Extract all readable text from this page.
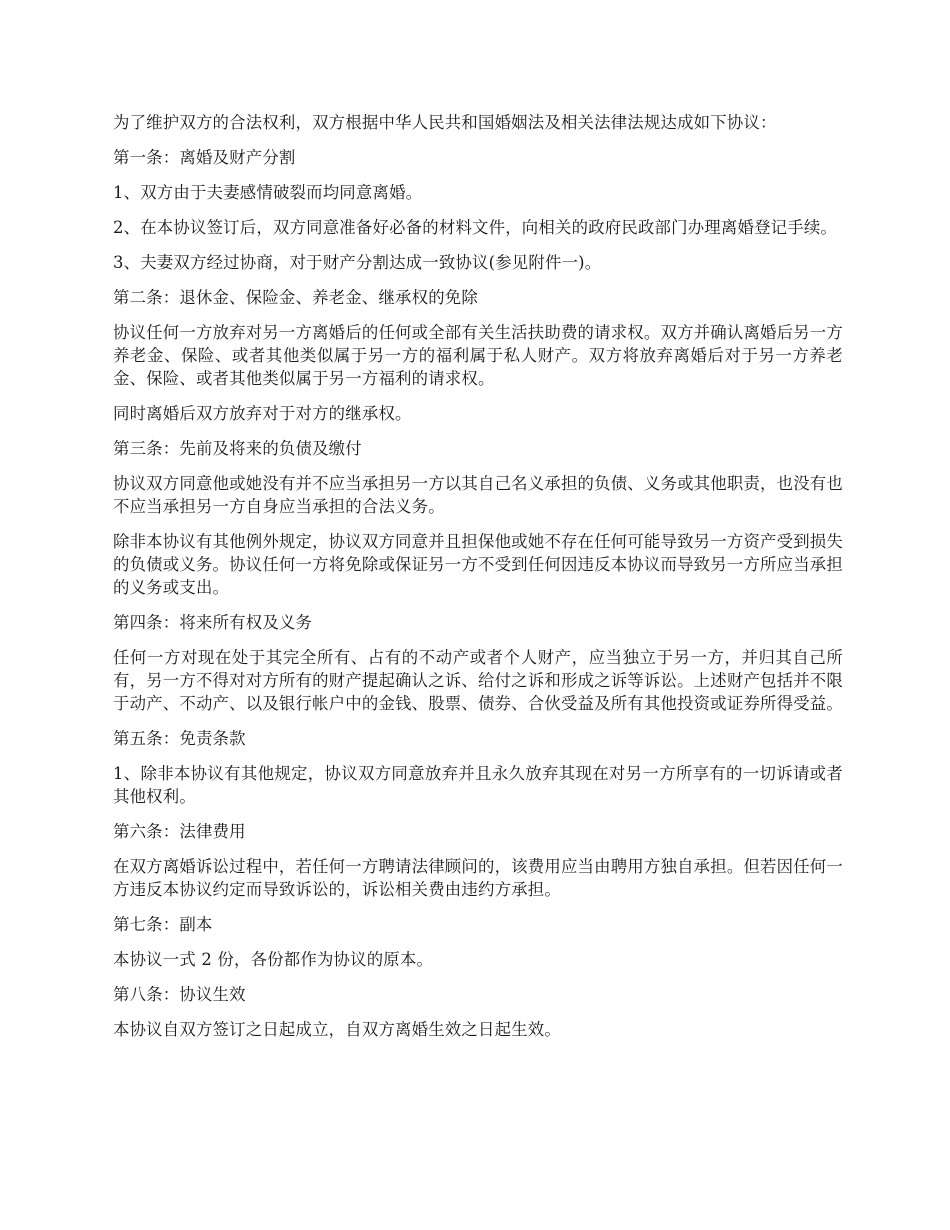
为了维护双方的合法权利，双方根据中华人民共和国婚姻法及相关法律法规达成如下协议：

第一条：离婚及财产分割

1、双方由于夫妻感情破裂而均同意离婚。

2、在本协议签订后，双方同意准备好必备的材料文件，向相关的政府民政部门办理离婚登记手续。

3、夫妻双方经过协商，对于财产分割达成一致协议(参见附件一)。

第二条：退休金、保险金、养老金、继承权的免除

协议任何一方放弃对另一方离婚后的任何或全部有关生活扶助费的请求权。双方并确认离婚后另一方养老金、保险、或者其他类似属于另一方的福利属于私人财产。双方将放弃离婚后对于另一方养老金、保险、或者其他类似属于另一方福利的请求权。

同时离婚后双方放弃对于对方的继承权。

第三条：先前及将来的负债及缴付

协议双方同意他或她没有并不应当承担另一方以其自己名义承担的负债、义务或其他职责，也没有也不应当承担另一方自身应当承担的合法义务。

除非本协议有其他例外规定，协议双方同意并且担保他或她不存在任何可能导致另一方资产受到损失的负债或义务。协议任何一方将免除或保证另一方不受到任何因违反本协议而导致另一方所应当承担的义务或支出。

第四条：将来所有权及义务

任何一方对现在处于其完全所有、占有的不动产或者个人财产，应当独立于另一方，并归其自己所有，另一方不得对对方所有的财产提起确认之诉、给付之诉和形成之诉等诉讼。上述财产包括并不限于动产、不动产、以及银行帐户中的金钱、股票、债券、合伙受益及所有其他投资或证券所得受益。

第五条：免责条款

1、除非本协议有其他规定，协议双方同意放弃并且永久放弃其现在对另一方所享有的一切诉请或者其他权利。

第六条：法律费用

在双方离婚诉讼过程中，若任何一方聘请法律顾问的，该费用应当由聘用方独自承担。但若因任何一方违反本协议约定而导致诉讼的，诉讼相关费由违约方承担。

第七条：副本

本协议一式 2 份，各份都作为协议的原本。

第八条：协议生效

本协议自双方签订之日起成立，自双方离婚生效之日起生效。
